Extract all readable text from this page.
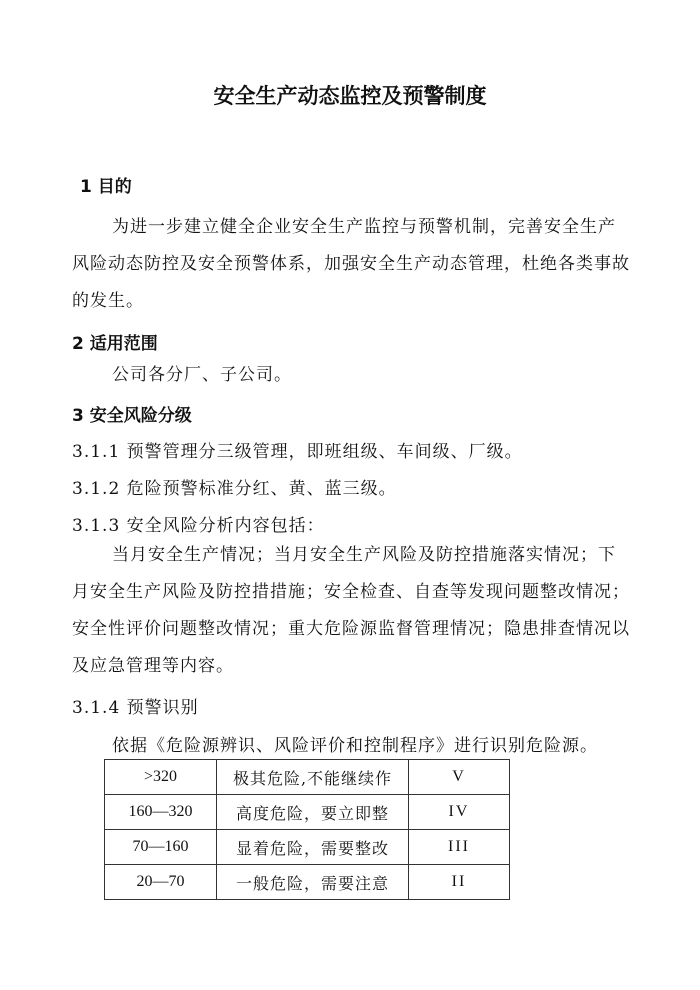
安全生产动态监控及预警制度
1 目的
为进一步建立健全企业安全生产监控与预警机制，完善安全生产风险动态防控及安全预警体系，加强安全生产动态管理，杜绝各类事故的发生。
2 适用范围
公司各分厂、子公司。
3 安全风险分级
3.1.1 预警管理分三级管理，即班组级、车间级、厂级。
3.1.2 危险预警标准分红、黄、蓝三级。
3.1.3 安全风险分析内容包括：
当月安全生产情况；当月安全生产风险及防控措施落实情况；下月安全生产风险及防控措措施；安全检查、自查等发现问题整改情况；安全性评价问题整改情况；重大危险源监督管理情况；隐患排查情况以及应急管理等内容。
3.1.4 预警识别
依据《危险源辨识、风险评价和控制程序》进行识别危险源。
>320	极其危险,不能继续作	V
160—320	高度危险，要立即整	IV
70—160	显着危险，需要整改	III
20—70	一般危险，需要注意	II
